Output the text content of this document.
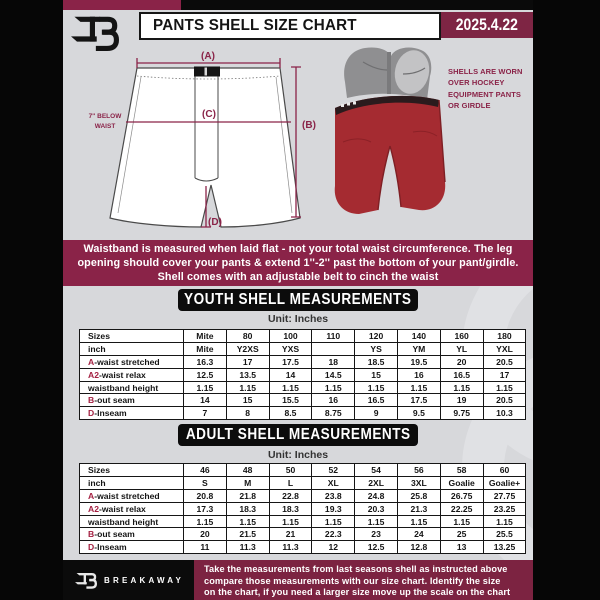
PANTS SHELL SIZE CHART	2025.4.22
(A)
(B)
(C)
(D)
7'' BELOW
WAIST
SHELLS ARE WORN
OVER HOCKEY
EQUIPMENT PANTS
OR GIRDLE
Waistband is measured when laid flat - not your total waist circumference. The leg
opening should cover your pants & extend 1''-2'' past the bottom of your pant/girdle.
Shell comes with an adjustable belt to cinch the waist
YOUTH SHELL MEASUREMENTS
Unit: Inches
Sizes	Mite	80	100	110	120	140	160	180
inch	Mite	Y2XS	YXS		YS	YM	YL	YXL
A-waist stretched	16.3	17	17.5	18	18.5	19.5	20	20.5
A2-waist relax	12.5	13.5	14	14.5	15	16	16.5	17
waistband height	1.15	1.15	1.15	1.15	1.15	1.15	1.15	1.15
B-out seam	14	15	15.5	16	16.5	17.5	19	20.5
D-Inseam	7	8	8.5	8.75	9	9.5	9.75	10.3
ADULT SHELL MEASUREMENTS
Unit: Inches
Sizes	46	48	50	52	54	56	58	60
inch	S	M	L	XL	2XL	3XL	Goalie	Goalie+
A-waist stretched	20.8	21.8	22.8	23.8	24.8	25.8	26.75	27.75
A2-waist relax	17.3	18.3	18.3	19.3	20.3	21.3	22.25	23.25
waistband height	1.15	1.15	1.15	1.15	1.15	1.15	1.15	1.15
B-out seam	20	21.5	21	22.3	23	24	25	25.5
D-Inseam	11	11.3	11.3	12	12.5	12.8	13	13.25
BREAKAWAY
Take the measurements from last seasons shell as instructed above
compare those measurements with our size chart. Identify the size
on the chart, if you need a larger size move up the scale on the chart
